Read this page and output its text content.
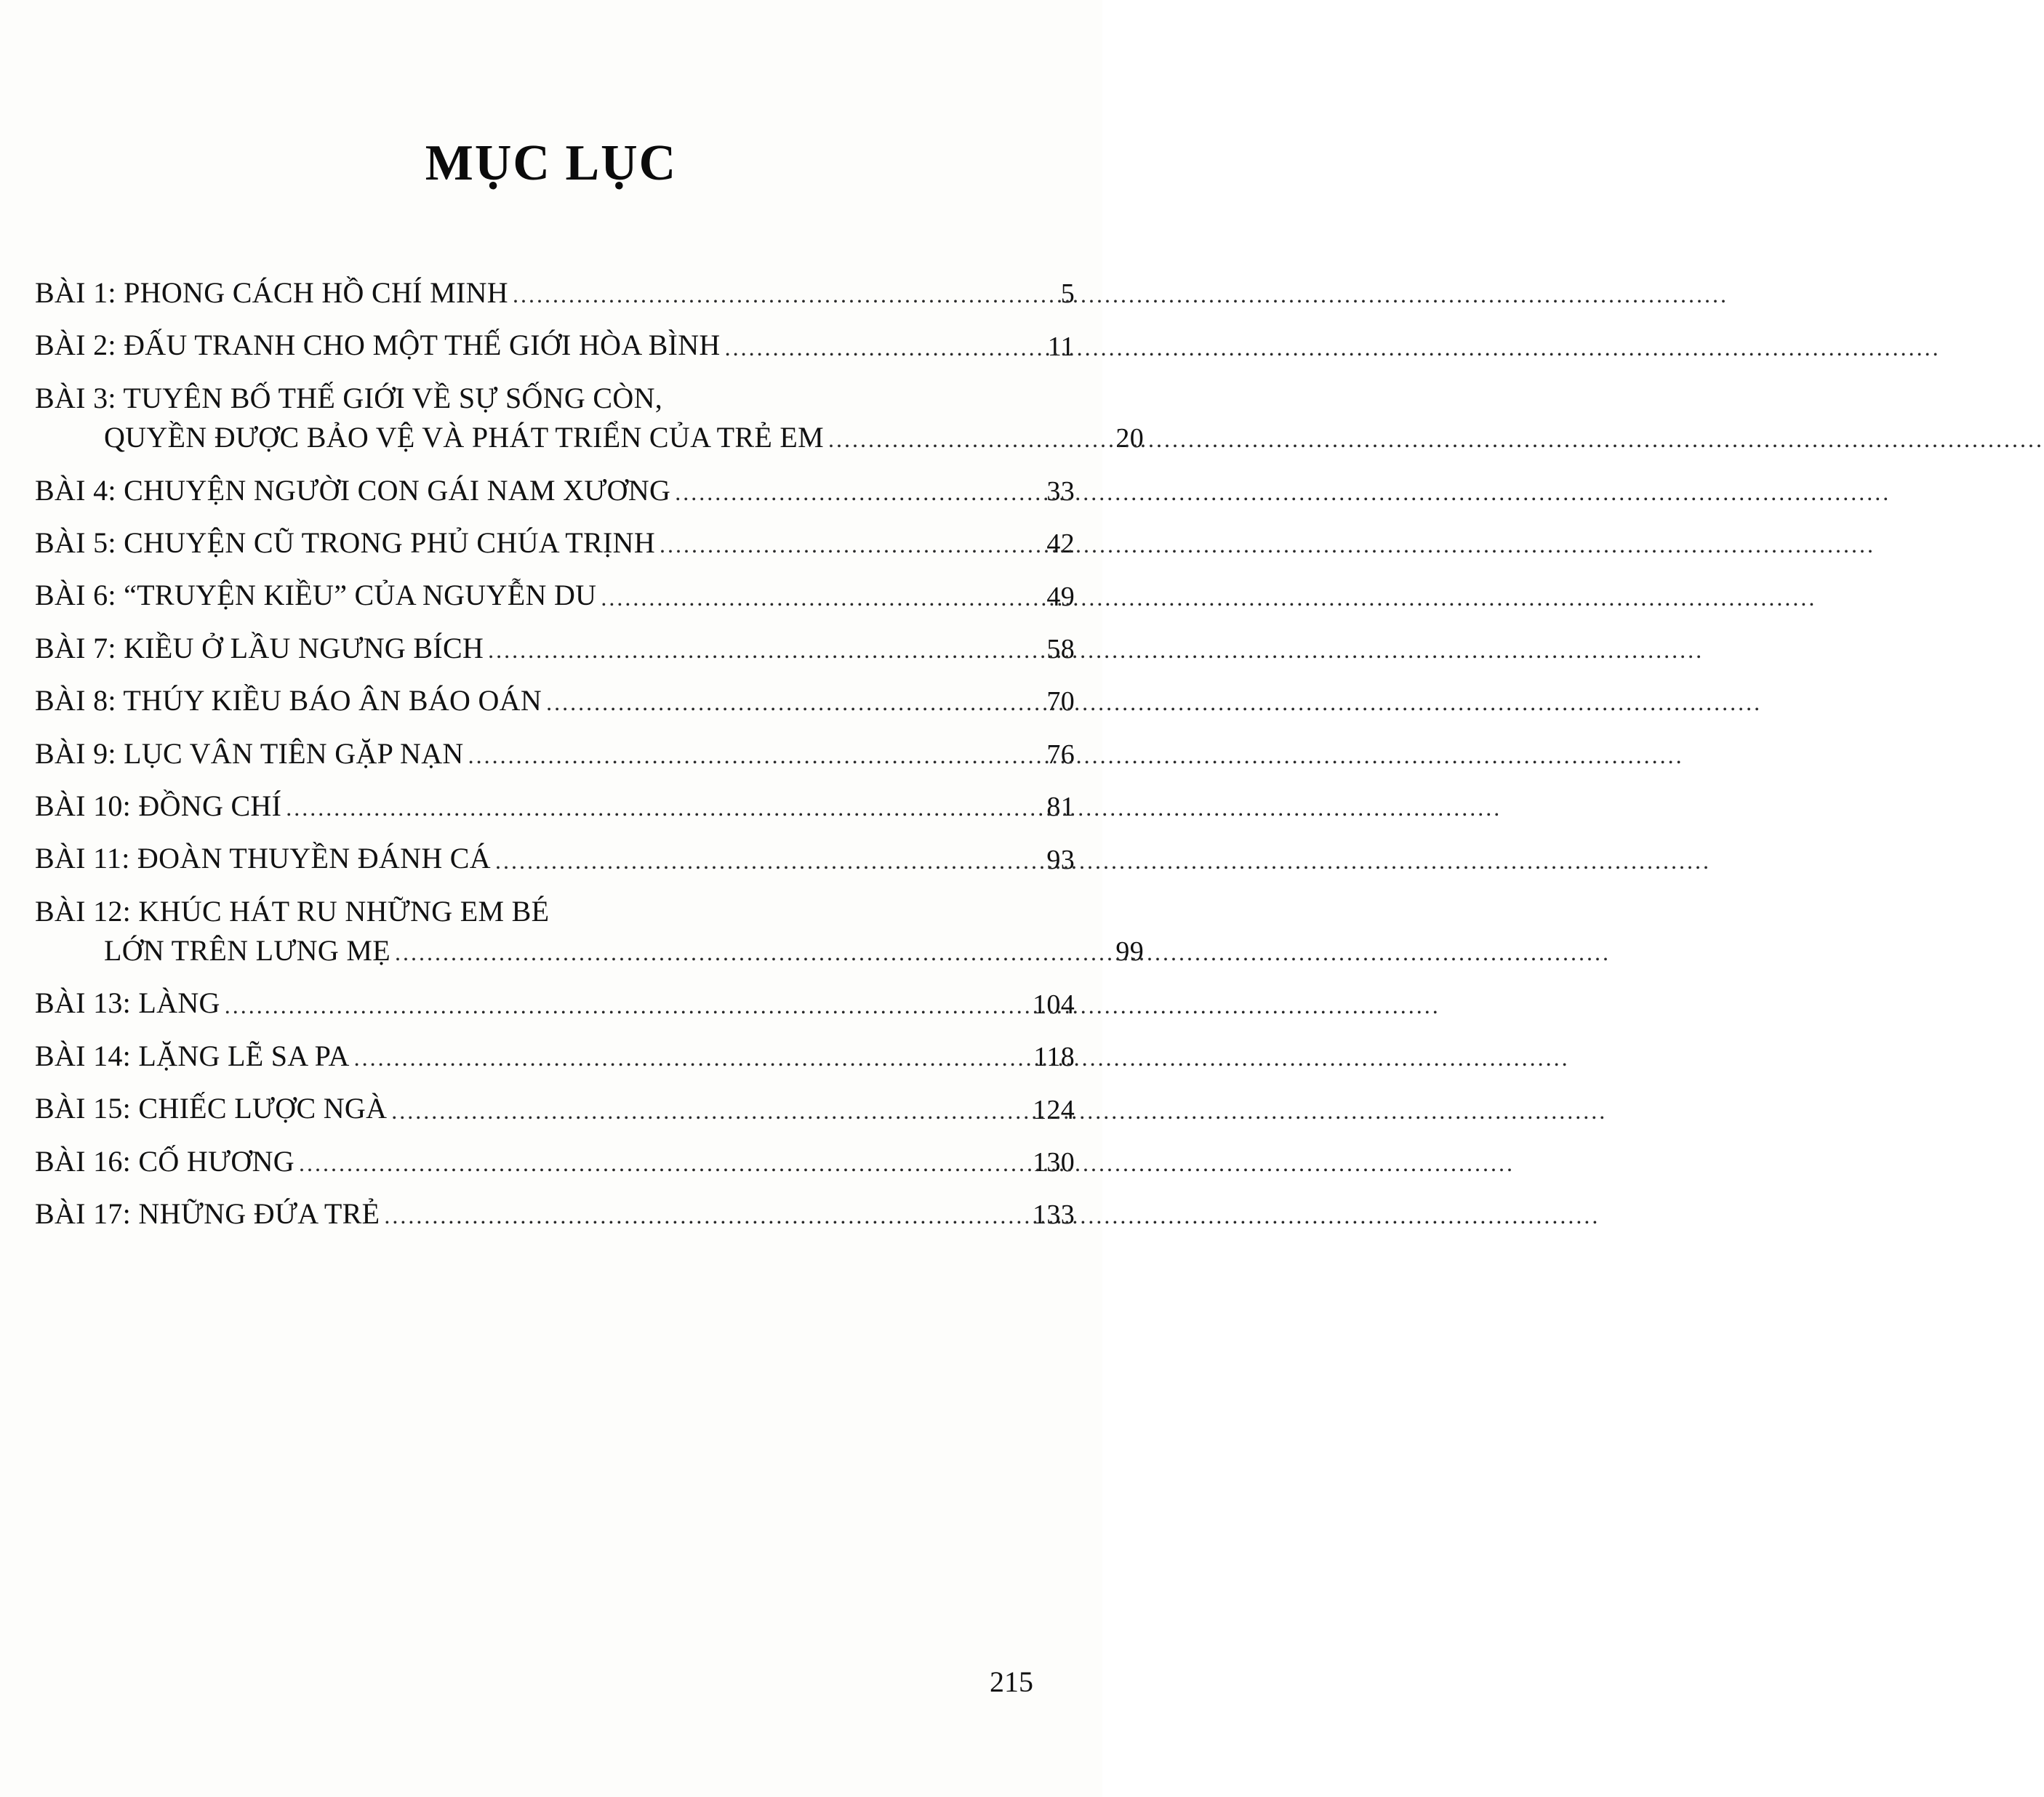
MỤC LỤC
BÀI 1: PHONG CÁCH HỒ CHÍ MINH .....	5
BÀI 2: ĐẤU TRANH CHO MỘT THẾ GIỚI HÒA BÌNH .....	11
BÀI 3: TUYÊN BỐ THẾ GIỚI VỀ SỰ SỐNG CÒN,
QUYỀN ĐƯỢC BẢO VỆ VÀ PHÁT TRIỂN CỦA TRẺ EM .....	20
BÀI 4: CHUYỆN NGƯỜI CON GÁI NAM XƯƠNG .....	33
BÀI 5: CHUYỆN CŨ TRONG PHỦ CHÚA TRỊNH .....	42
BÀI 6: “TRUYỆN KIỀU” CỦA NGUYỄN DU .....	49
BÀI 7: KIỀU Ở LẦU NGƯNG BÍCH .....	58
BÀI 8: THÚY KIỀU BÁO ÂN BÁO OÁN .....	70
BÀI 9: LỤC VÂN TIÊN GẶP NẠN .....	76
BÀI 10: ĐỒNG CHÍ .....	81
BÀI 11: ĐOÀN THUYỀN ĐÁNH CÁ .....	93
BÀI 12: KHÚC HÁT RU NHỮNG EM BÉ
LỚN TRÊN LƯNG MẸ .....	99
BÀI 13: LÀNG .....	104
BÀI 14: LẶNG LẼ SA PA .....	118
BÀI 15: CHIẾC LƯỢC NGÀ .....	124
BÀI 16: CỐ HƯƠNG .....	130
BÀI 17: NHỮNG ĐỨA TRẺ .....	133
215
